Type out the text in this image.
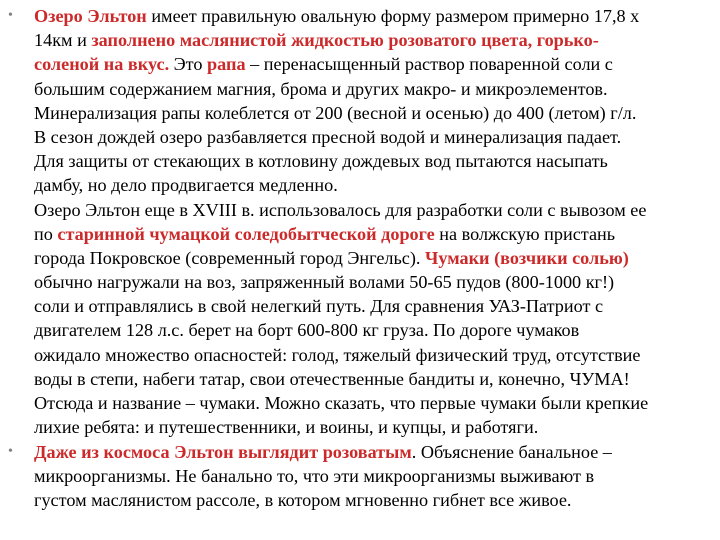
• Озеро Эльтон имеет правильную овальную форму размером примерно 17,8 х
14км и заполнено маслянистой жидкостью розоватого цвета, горько-
соленой на вкус. Это рапа – перенасыщенный раствор поваренной соли с
большим содержанием магния, брома и других макро- и микроэлементов.
Минерализация рапы колеблется от 200 (весной и осенью) до 400 (летом) г/л.
В сезон дождей озеро разбавляется пресной водой и минерализация падает.
Для защиты от стекающих в котловину дождевых вод пытаются насыпать
дамбу, но дело продвигается медленно.
Озеро Эльтон еще в XVIII в. использовалось для разработки соли с вывозом ее
по старинной чумацкой соледобытческой дороге на волжскую пристань
города Покровское (современный город Энгельс). Чумаки (возчики солью)
обычно нагружали на воз, запряженный волами 50-65 пудов (800-1000 кг!)
соли и отправлялись в свой нелегкий путь. Для сравнения УАЗ-Патриот с
двигателем 128 л.с. берет на борт 600-800 кг груза. По дороге чумаков
ожидало множество опасностей: голод, тяжелый физический труд, отсутствие
воды в степи, набеги татар, свои отечественные бандиты и, конечно, ЧУМА!
Отсюда и название – чумаки. Можно сказать, что первые чумаки были крепкие
лихие ребята: и путешественники, и воины, и купцы, и работяги.
• Даже из космоса Эльтон выглядит розоватым. Объяснение банальное –
микроорганизмы. Не банально то, что эти микроорганизмы выживают в
густом маслянистом рассоле, в котором мгновенно гибнет все живое.
